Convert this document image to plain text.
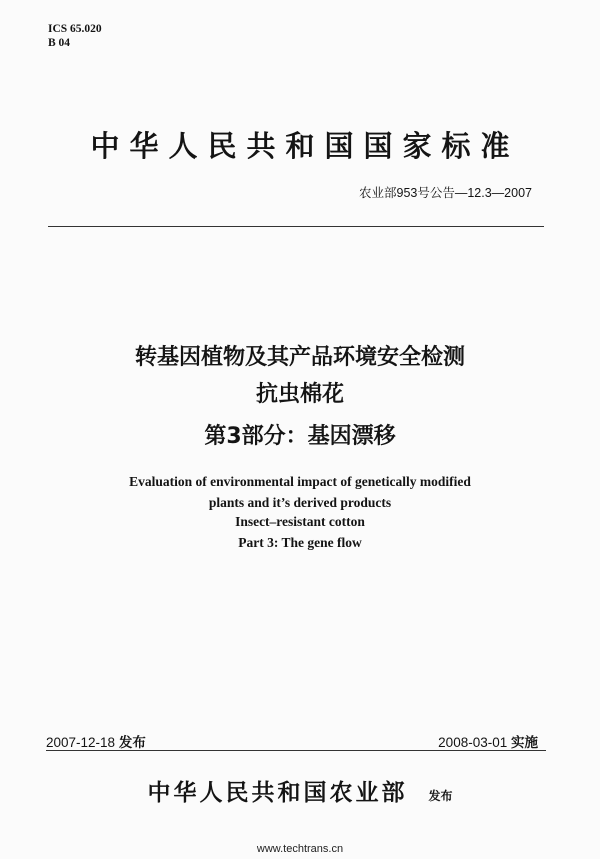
ICS 65.020
B 04
中华人民共和国国家标准
农业部953号公告—12.3—2007
转基因植物及其产品环境安全检测
抗虫棉花
第3部分：基因漂移
Evaluation of environmental impact of genetically modified
plants and it’s derived products
Insect–resistant cotton
Part 3: The gene flow
2007-12-18 发布	2008-03-01 实施
中华人民共和国农业部 发布
www.techtrans.cn
